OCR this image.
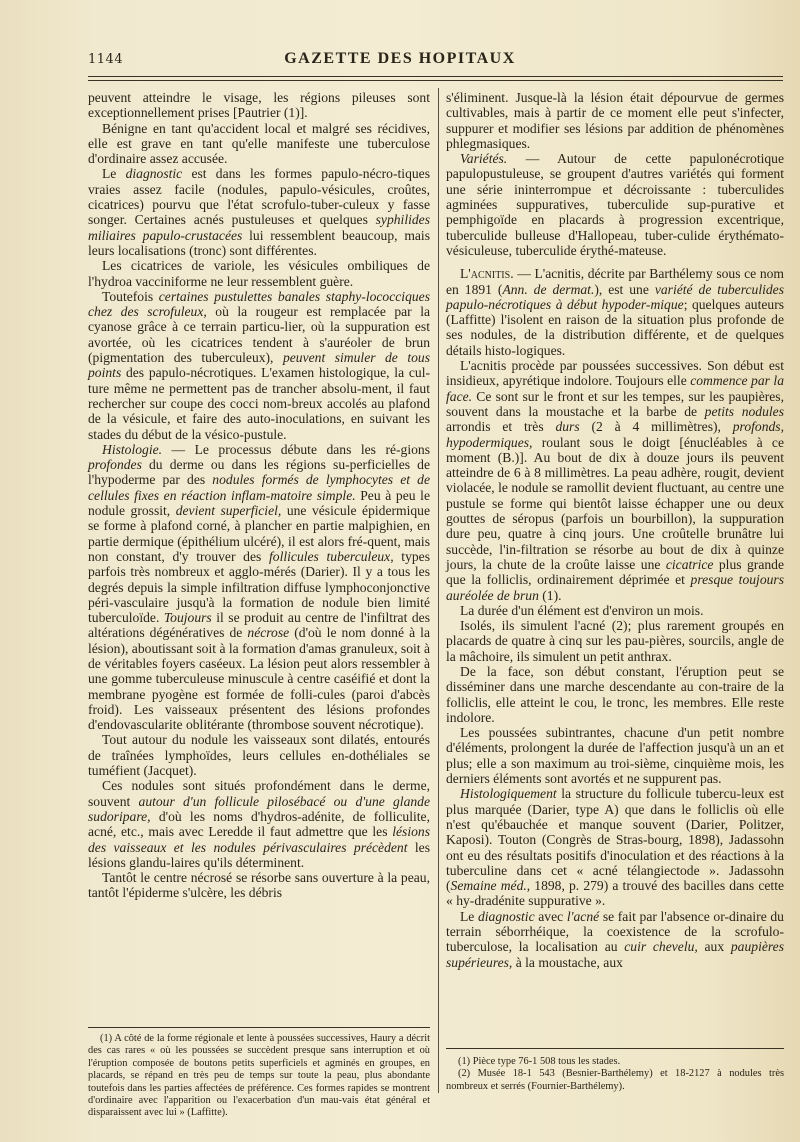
1144	GAZETTE DES HOPITAUX

peuvent atteindre le visage, les régions pileuses sont exceptionnellement prises [Pautrier (1)].

Bénigne en tant qu'accident local et malgré ses récidives, elle est grave en tant qu'elle manifeste une tuberculose d'ordinaire assez accusée.

Le diagnostic est dans les formes papulo-nécro-tiques vraies assez facile (nodules, papulo-vésicules, croûtes, cicatrices) pourvu que l'état scrofulo-tuber-culeux y fasse songer. Certaines acnés pustuleuses et quelques syphilides miliaires papulo-crustacées lui ressemblent beaucoup, mais leurs localisations (tronc) sont différentes.

Les cicatrices de variole, les vésicules ombiliques de l'hydroa vacciniforme ne leur ressemblent guère.

Toutefois certaines pustulettes banales staphy-lococciques chez des scrofuleux, où la rougeur est remplacée par la cyanose grâce à ce terrain particu-lier, où la suppuration est avortée, où les cicatrices tendent à s'auréoler de brun (pigmentation des tuberculeux), peuvent simuler de tous points des papulo-nécrotiques. L'examen histologique, la cul-ture même ne permettent pas de trancher absolu-ment, il faut rechercher sur coupe des cocci nom-breux accolés au plafond de la vésicule, et faire des auto-inoculations, en suivant les stades du début de la vésico-pustule.

Histologie. — Le processus débute dans les ré-gions profondes du derme ou dans les régions su-perficielles de l'hypoderme par des nodules formés de lymphocytes et de cellules fixes en réaction inflam-matoire simple. Peu à peu le nodule grossit, devient superficiel, une vésicule épidermique se forme à plafond corné, à plancher en partie malpighien, en partie dermique (épithélium ulcéré), il est alors fré-quent, mais non constant, d'y trouver des follicules tuberculeux, types parfois très nombreux et agglo-mérés (Darier). Il y a tous les degrés depuis la simple infiltration diffuse lymphoconjonctive péri-vasculaire jusqu'à la formation de nodule bien limité tuberculoïde. Toujours il se produit au centre de l'infiltrat des altérations dégénératives de nécrose (d'où le nom donné à la lésion), aboutissant soit à la formation d'amas granuleux, soit à de véritables foyers caséeux. La lésion peut alors ressembler à une gomme tuberculeuse minuscule à centre caséifié et dont la membrane pyogène est formée de folli-cules (paroi d'abcès froid). Les vaisseaux présentent des lésions profondes d'endovascularite oblitérante (thrombose souvent nécrotique).

Tout autour du nodule les vaisseaux sont dilatés, entourés de traînées lymphoïdes, leurs cellules en-dothéliales se tuméfient (Jacquet).

Ces nodules sont situés profondément dans le derme, souvent autour d'un follicule pilosébacé ou d'une glande sudoripare, d'où les noms d'hydros-adénite, de folliculite, acné, etc., mais avec Leredde il faut admettre que les lésions des vaisseaux et les nodules périvasculaires précèdent les lésions glandu-laires qu'ils déterminent.

Tantôt le centre nécrosé se résorbe sans ouverture à la peau, tantôt l'épiderme s'ulcère, les débris

(1) A côté de la forme régionale et lente à poussées successives, Haury a décrit des cas rares « où les poussées se succèdent presque sans interruption et où l'éruption composée de boutons petits superficiels et agminés en groupes, en placards, se répand en très peu de temps sur toute la peau, plus abondante toutefois dans les parties affectées de préférence. Ces formes rapides se montrent d'ordinaire avec l'apparition ou l'exacerbation d'un mau-vais état général et disparaissent avec lui » (Laffitte).

s'éliminent. Jusque-là la lésion était dépourvue de germes cultivables, mais à partir de ce moment elle peut s'infecter, suppurer et modifier ses lésions par addition de phénomènes phlegmasiques.

Variétés. — Autour de cette papulonécrotique papulopustuleuse, se groupent d'autres variétés qui forment une série ininterrompue et décroissante : tuberculides agminées suppuratives, tuberculide sup-purative et pemphigoïde en placards à progression excentrique, tuberculide bulleuse d'Hallopeau, tuber-culide érythémato-vésiculeuse, tuberculide érythé-mateuse.

L'acnitis. — L'acnitis, décrite par Barthélemy sous ce nom en 1891 (Ann. de dermat.), est une variété de tuberculides papulo-nécrotiques à début hypoder-mique; quelques auteurs (Laffitte) l'isolent en raison de la situation plus profonde de ses nodules, de la distribution différente, et de quelques détails histo-logiques.

L'acnitis procède par poussées successives. Son début est insidieux, apyrétique indolore. Toujours elle commence par la face. Ce sont sur le front et sur les tempes, sur les paupières, souvent dans la moustache et la barbe de petits nodules arrondis et très durs (2 à 4 millimètres), profonds, hypodermiques, roulant sous le doigt [énucléables à ce moment (B.)]. Au bout de dix à douze jours ils peuvent atteindre de 6 à 8 millimètres. La peau adhère, rougit, devient violacée, le nodule se ramollit devient fluctuant, au centre une pustule se forme qui bientôt laisse échapper une ou deux gouttes de séropus (parfois un bourbillon), la suppuration dure peu, quatre à cinq jours. Une croûtelle brunâtre lui succède, l'in-filtration se résorbe au bout de dix à quinze jours, la chute de la croûte laisse une cicatrice plus grande que la folliclis, ordinairement déprimée et presque toujours auréolée de brun (1).

La durée d'un élément est d'environ un mois.

Isolés, ils simulent l'acné (2); plus rarement groupés en placards de quatre à cinq sur les pau-pières, sourcils, angle de la mâchoire, ils simulent un petit anthrax.

De la face, son début constant, l'éruption peut se disséminer dans une marche descendante au con-traire de la folliclis, elle atteint le cou, le tronc, les membres. Elle reste indolore.

Les poussées subintrantes, chacune d'un petit nombre d'éléments, prolongent la durée de l'affection jusqu'à un an et plus; elle a son maximum au troi-sième, cinquième mois, les derniers éléments sont avortés et ne suppurent pas.

Histologiquement la structure du follicule tubercu-leux est plus marquée (Darier, type A) que dans le folliclis où elle n'est qu'ébauchée et manque souvent (Darier, Politzer, Kaposi). Touton (Congrès de Stras-bourg, 1898), Jadassohn ont eu des résultats positifs d'inoculation et des réactions à la tuberculine dans cet « acné télangiectode ». Jadassohn (Semaine méd., 1898, p. 279) a trouvé des bacilles dans cette « hy-dradénite suppurative ».

Le diagnostic avec l'acné se fait par l'absence or-dinaire du terrain séborrhéique, la coexistence de la scrofulo-tuberculose, la localisation au cuir chevelu, aux paupières supérieures, à la moustache, aux

(1) Pièce type 76-1 508 tous les stades.

(2) Musée 18-1 543 (Besnier-Barthélemy) et 18-2127 à nodules très nombreux et serrés (Fournier-Barthélemy).
